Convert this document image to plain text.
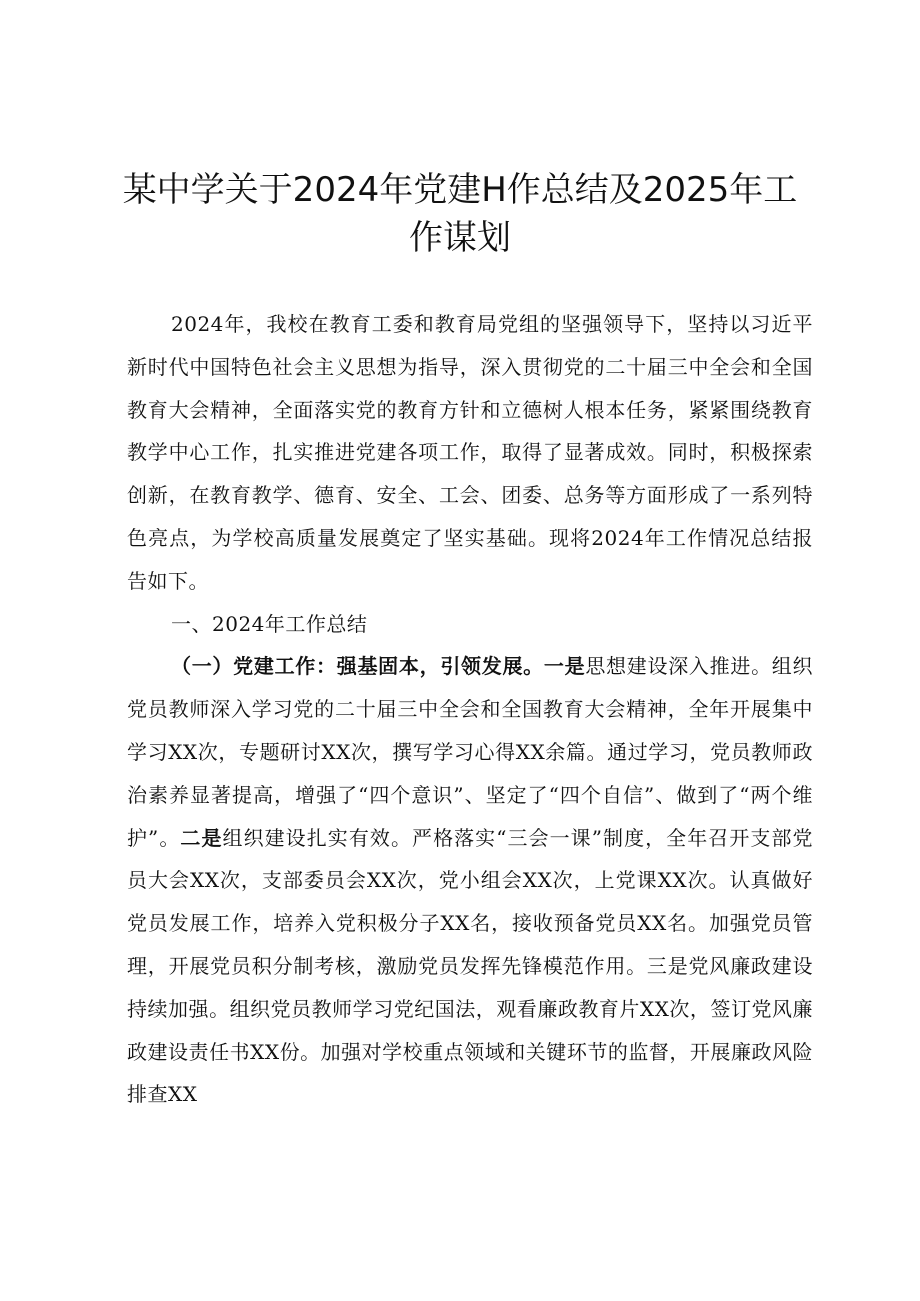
某中学关于2024年党建H作总结及2025年工
作谋划

2024年，我校在教育工委和教育局党组的坚强领导下，坚持以习近平新时代中国特色社会主义思想为指导，深入贯彻党的二十届三中全会和全国教育大会精神，全面落实党的教育方针和立德树人根本任务，紧紧围绕教育教学中心工作，扎实推进党建各项工作，取得了显著成效。同时，积极探索创新，在教育教学、德育、安全、工会、团委、总务等方面形成了一系列特色亮点，为学校高质量发展奠定了坚实基础。现将2024年工作情况总结报告如下。

一、2024年工作总结

（一）党建工作：强基固本，引领发展。一是思想建设深入推进。组织党员教师深入学习党的二十届三中全会和全国教育大会精神，全年开展集中学习XX次，专题研讨XX次，撰写学习心得XX余篇。通过学习，党员教师政治素养显著提高，增强了“四个意识”、坚定了“四个自信”、做到了“两个维护”。二是组织建设扎实有效。严格落实“三会一课”制度，全年召开支部党员大会XX次，支部委员会XX次，党小组会XX次，上党课XX次。认真做好党员发展工作，培养入党积极分子XX名，接收预备党员XX名。加强党员管理，开展党员积分制考核，激励党员发挥先锋模范作用。三是党风廉政建设持续加强。组织党员教师学习党纪国法，观看廉政教育片XX次，签订党风廉政建设责任书XX份。加强对学校重点领域和关键环节的监督，开展廉政风险排查XX
